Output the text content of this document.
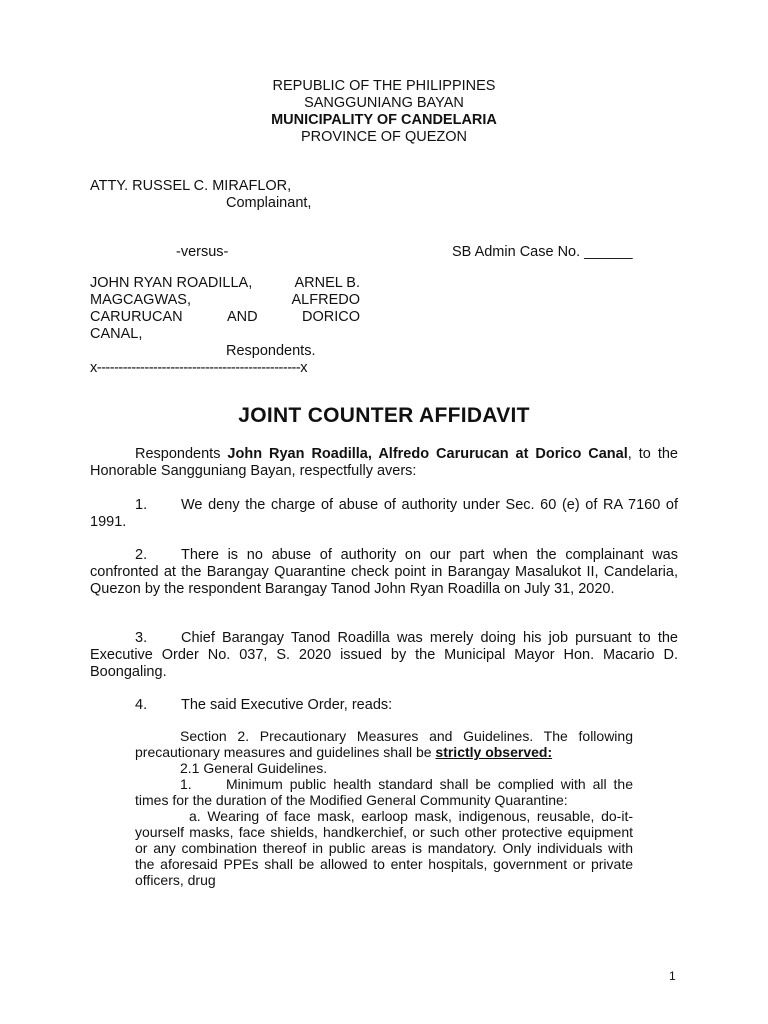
REPUBLIC OF THE PHILIPPINES
SANGGUNIANG BAYAN
MUNICIPALITY OF CANDELARIA
PROVINCE OF QUEZON
ATTY. RUSSEL C. MIRAFLOR,
Complainant,
-versus-	SB Admin Case No. ______
JOHN RYAN ROADILLA,	ARNEL B.
MAGCAGWAS,	ALFREDO
CARURUCAN	AND	DORICO
CANAL,
Respondents.
x-----------------------------------------------x
JOINT COUNTER AFFIDAVIT

Respondents John Ryan Roadilla, Alfredo Carurucan at Dorico Canal, to the Honorable Sangguniang Bayan, respectfully avers:

1. We deny the charge of abuse of authority under Sec. 60 (e) of RA 7160 of 1991.

2. There is no abuse of authority on our part when the complainant was confronted at the Barangay Quarantine check point in Barangay Masalukot II, Candelaria, Quezon by the respondent Barangay Tanod John Ryan Roadilla on July 31, 2020.

3. Chief Barangay Tanod Roadilla was merely doing his job pursuant to the Executive Order No. 037, S. 2020 issued by the Municipal Mayor Hon. Macario D. Boongaling.

4. The said Executive Order, reads:

Section 2. Precautionary Measures and Guidelines. The following precautionary measures and guidelines shall be strictly observed:

2.1 General Guidelines.

1. Minimum public health standard shall be complied with all the times for the duration of the Modified General Community Quarantine:

a. Wearing of face mask, earloop mask, indigenous, reusable, do-it-yourself masks, face shields, handkerchief, or such other protective equipment or any combination thereof in public areas is mandatory. Only individuals with the aforesaid PPEs shall be allowed to enter hospitals, government or private officers, drug

1
